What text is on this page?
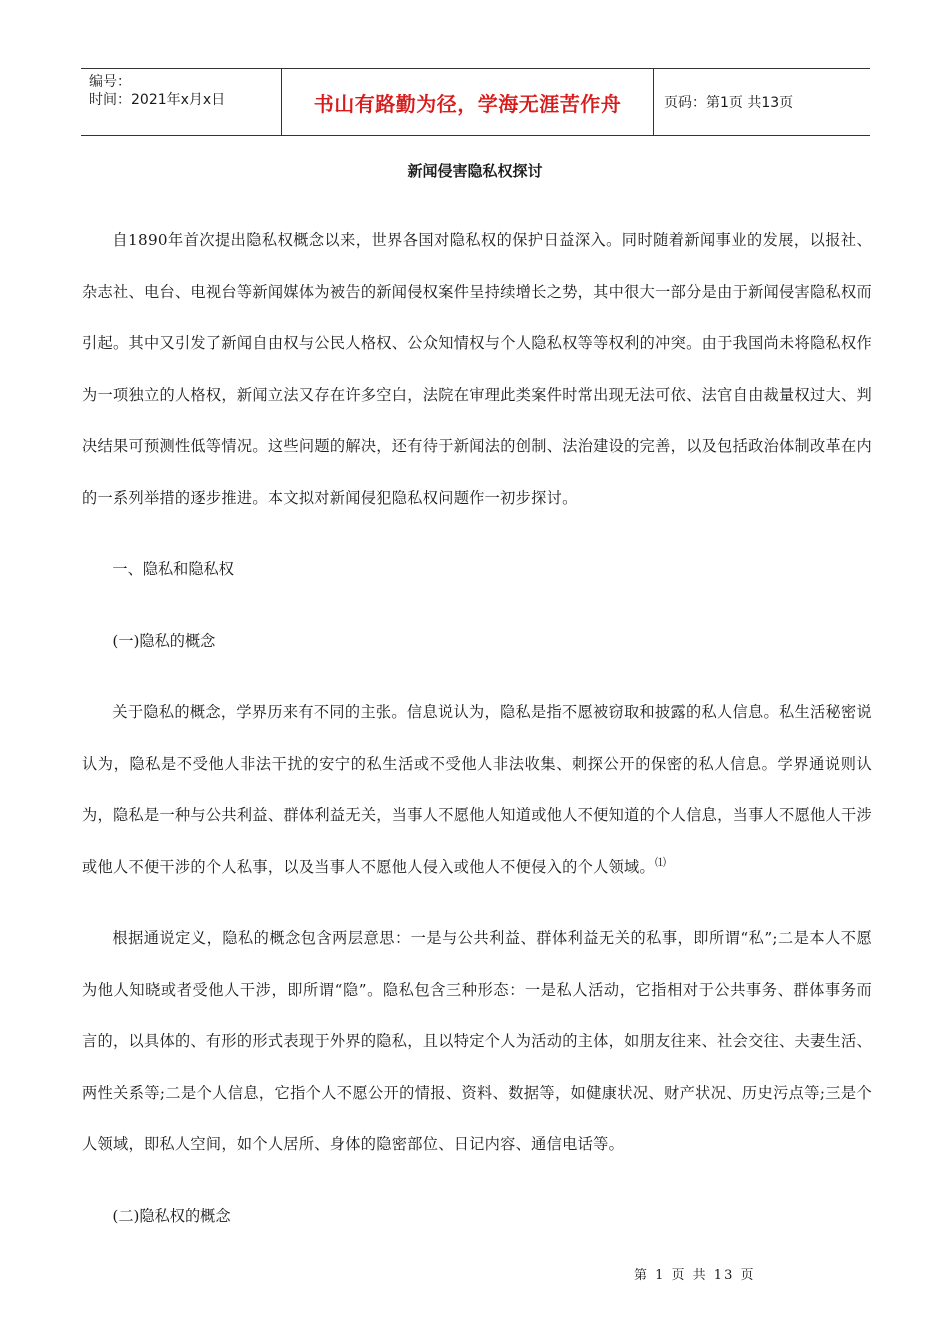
编号：
时间：2021年x月x日	书山有路勤为径，学海无涯苦作舟	页码：第1页 共13页
新闻侵害隐私权探讨

自1890年首次提出隐私权概念以来，世界各国对隐私权的保护日益深入。同时随着新闻事业的发展，以报社、杂志社、电台、电视台等新闻媒体为被告的新闻侵权案件呈持续增长之势，其中很大一部分是由于新闻侵害隐私权而引起。其中又引发了新闻自由权与公民人格权、公众知情权与个人隐私权等等权利的冲突。由于我国尚未将隐私权作为一项独立的人格权，新闻立法又存在许多空白，法院在审理此类案件时常出现无法可依、法官自由裁量权过大、判决结果可预测性低等情况。这些问题的解决，还有待于新闻法的创制、法治建设的完善，以及包括政治体制改革在内的一系列举措的逐步推进。本文拟对新闻侵犯隐私权问题作一初步探讨。

一、隐私和隐私权

(一)隐私的概念

关于隐私的概念，学界历来有不同的主张。信息说认为，隐私是指不愿被窃取和披露的私人信息。私生活秘密说认为，隐私是不受他人非法干扰的安宁的私生活或不受他人非法收集、刺探公开的保密的私人信息。学界通说则认为，隐私是一种与公共利益、群体利益无关，当事人不愿他人知道或他人不便知道的个人信息，当事人不愿他人干涉或他人不便干涉的个人私事，以及当事人不愿他人侵入或他人不便侵入的个人领域。⑴

根据通说定义，隐私的概念包含两层意思：一是与公共利益、群体利益无关的私事，即所谓“私”;二是本人不愿为他人知晓或者受他人干涉，即所谓“隐”。隐私包含三种形态：一是私人活动，它指相对于公共事务、群体事务而言的，以具体的、有形的形式表现于外界的隐私，且以特定个人为活动的主体，如朋友往来、社会交往、夫妻生活、两性关系等;二是个人信息，它指个人不愿公开的情报、资料、数据等，如健康状况、财产状况、历史污点等;三是个人领域，即私人空间，如个人居所、身体的隐密部位、日记内容、通信电话等。

(二)隐私权的概念

第 1 页 共 13 页
